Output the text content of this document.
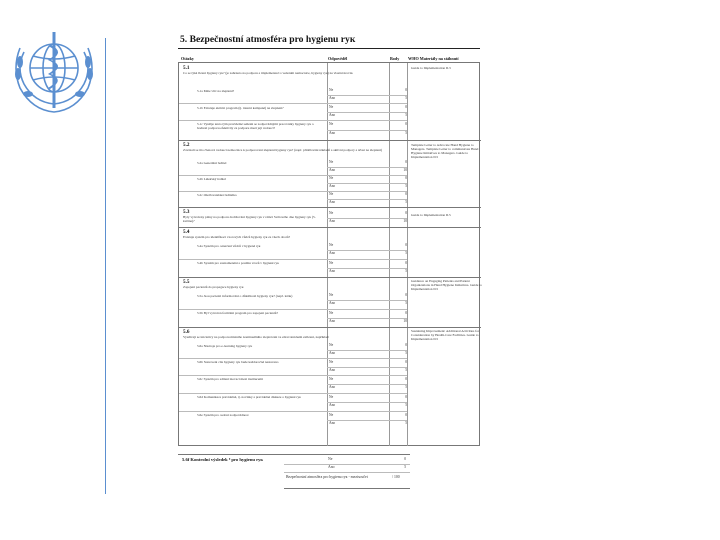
5. Bezpečnostní atmosféra pro hygienu rук
Otázky	Odpověděl	Body WHO Materiály na stáhnutí
5.1
Co se týká řízení hygieny rук? (je zahrnuto na podporu a implementaci s vedením nemocnice, hygieny rук) na vlastní úrovni.
Guide to Implementation II.3
5.1a Máte vliv na zlepšení?	Ne	0
Ano	5
5.1b Existuje aktivní program (tj. interní kampaně) na zlepšení?	Ne	0
Ano	5
5.1c Využije tento tým pravidelné setkání se zodpovědnými pracovníky hygieny rук a hodnotí podporu efektivity za podporu mezi její vedoucí?
Ne	0
Ano	5
5.2
Zavázali se tito členové vedoucí nemocnice k podporovaní zlepšení hygieny rук? (např. přidělování nákladů a aktivní podpory a účast na zlepšení)
Template Letter to Advocate Hand Hygiene to Managers. Template Letter to communicate Hand Hygiene Initiatives to Managers. Guide to Implementation II.5
5.2a Generální ředitel	Ne	0
Ano	10
5.2b Lékařský ředitel	Ne	0
Ano	5
5.2c Ošetřovatelská ředitelka	Ne	0
Ano	5
5.3
Byly vytvořeny plány na podporu dodržování hygieny rук v rámci Světového dne hygieny rук (5. května)?
Guide to Implementation II.5
Ne	0
Ano	10
5.4
Existuje systém pro identifikaci vzorových vůdců hygieny rук ze všech oborů?
5.4a Systém pro označení vůdců v hygieně rук	Ne	0
Ano	5
5.4b Systém pro zaznamenání a postihu vzorů v hygieně rук	Ne	0
Ano	5
5.5
Zapojení pacientů do propagace hygieny rук
Guidance on Engaging Patients and Patient Organizations in Hand Hygiene Initiatives. Guide to Implementation II.5
5.5a Jsou pacienti informováni o důležitosti hygieny rук? (např. leták)	Ne	0
Ano	5
5.5b Byl vytvořen formální program pro zapojení pacientů?	Ne	0
Ano	10
5.6
Využívají se iniciativy na podporu místního kontinuálního zlepšování ve zdravotnickém zařízení, například:
Sustaining Improvement: Additional Activities for Consideration by Health-Care Facilities. Guide to Implementation II.5
5.6a Nástroje pro e-learning hygieny rук	Ne	0
Ano	5
5.6b Stanovení cíle hygieny rук bude každoročně nastaveno	Ne	0
Ano	5
5.6c Systém pro sdílení inovací mezi institucemi	Ne	0
Ano	5
5.6d Komunikace pravidelně, tj. novinky a pravidelné diskuze o hygieně rук	Ne	0
Ano	5
5.6e Systém pro osobní zodpovědnost	Ne	0
Ano	5
5.6f Kontrolní výsledek ⁹ pro hygienu rук	Ne	0
Ano	5
Bezpečnostní atmosféra pro hygienu rук - mezisoučet	/ 100
